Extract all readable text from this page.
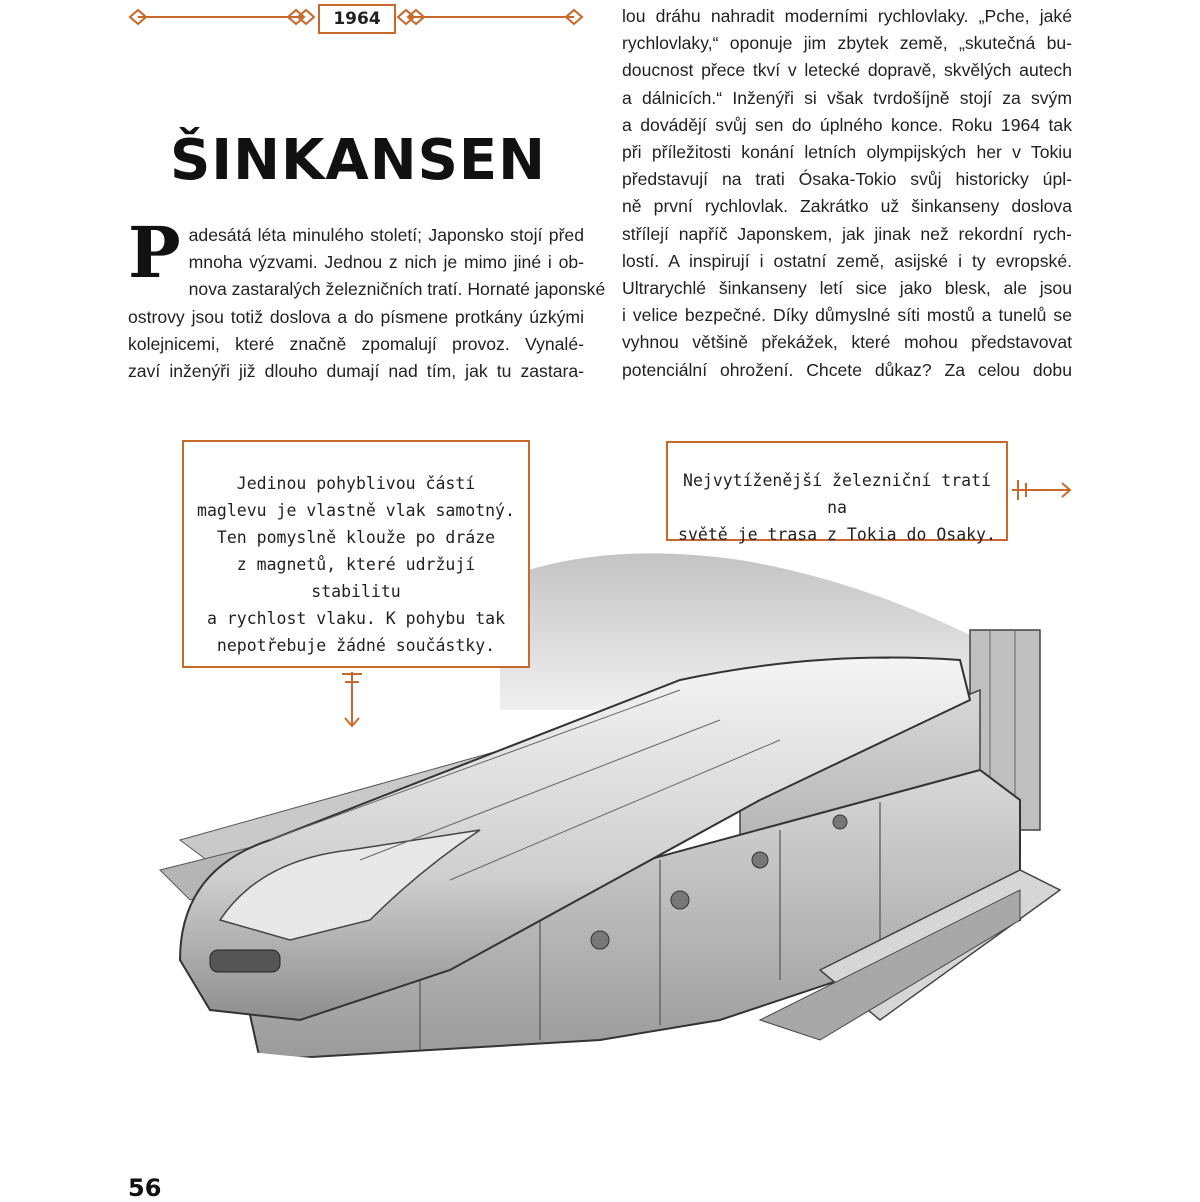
1964
ŠINKANSEN
P adesátá léta minulého století; Japonsko stojí před
mnoha výzvami. Jednou z nich je mimo jiné i ob-
nova zastaralých železničních tratí. Hornaté japonské
ostrovy jsou totiž doslova a do písmene protkány úzkými
kolejnicemi, které značně zpomalují provoz. Vynalé-
zaví inženýři již dlouho dumají nad tím, jak tu zastara-
lou dráhu nahradit moderními rychlovlaky. „Pche, jaké
rychlovlaky,“ oponuje jim zbytek země, „skutečná bu-
doucnost přece tkví v letecké dopravě, skvělých autech
a dálnicích.“ Inženýři si však tvrdošíjně stojí za svým
a dovádějí svůj sen do úplného konce. Roku 1964 tak
při příležitosti konání letních olympijských her v Tokiu
představují na trati Ósaka-Tokio svůj historicky úpl-
ně první rychlovlak. Zakrátko už šinkanseny doslova
střílejí napříč Japonskem, jak jinak než rekordní rych-
lostí. A inspirují i ostatní země, asijské i ty evropské.
Ultrarychlé šinkanseny letí sice jako blesk, ale jsou
i velice bezpečné. Díky důmyslné síti mostů a tunelů se
vyhnou většině překážek, které mohou představovat
potenciální ohrožení. Chcete důkaz? Za celou dobu
Jedinou pohyblivou částí
maglevu je vlastně vlak samotný.
Ten pomyslně klouže po dráze
z magnetů, které udržují stabilitu
a rychlost vlaku. K pohybu tak
nepotřebuje žádné součástky.
Nejvytíženější železniční tratí na
světě je trasa z Tokia do Osaky.
56
